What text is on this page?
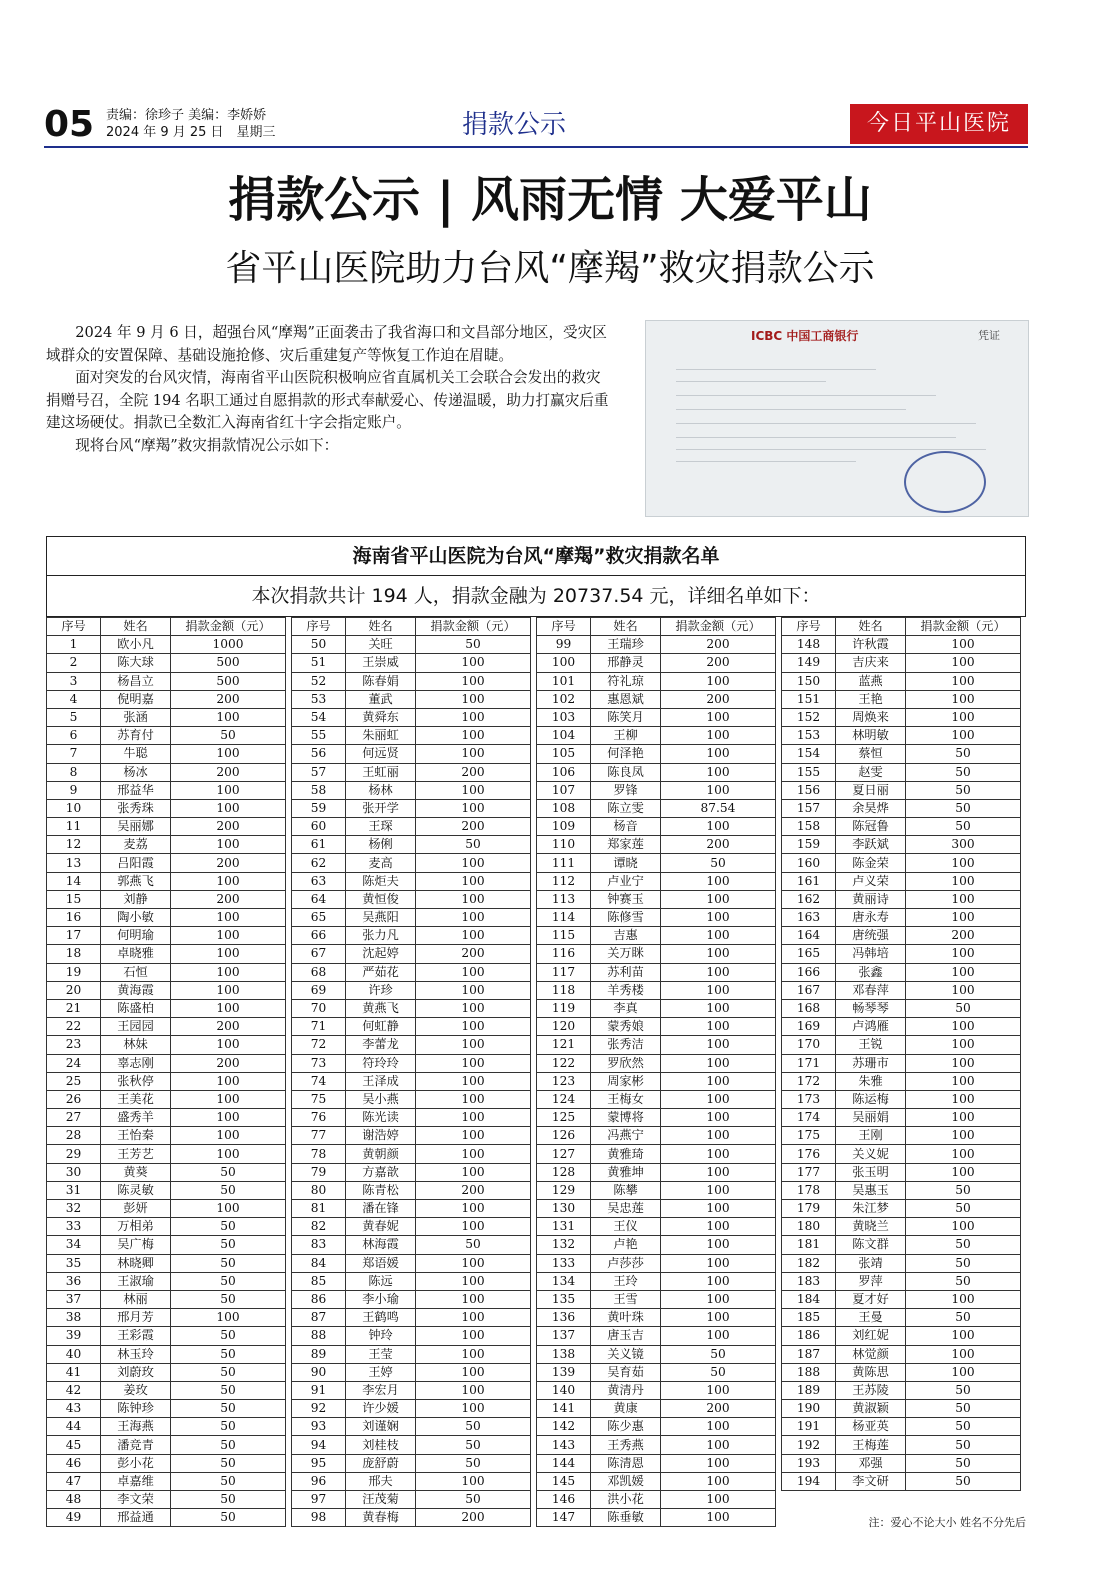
05 责编：徐珍子 美编：李娇娇
2024 年 9 月 25 日　星期三	捐款公示	今日平山医院
捐款公示 | 风雨无情 大爱平山
省平山医院助力台风“摩羯”救灾捐款公示

2024 年 9 月 6 日，超强台风“摩羯”正面袭击了我省海口和文昌部分地区，受灾区域群众的安置保障、基础设施抢修、灾后重建复产等恢复工作迫在眉睫。

面对突发的台风灾情，海南省平山医院积极响应省直属机关工会联合会发出的救灾捐赠号召，全院 194 名职工通过自愿捐款的形式奉献爱心、传递温暖，助力打赢灾后重建这场硬仗。捐款已全数汇入海南省红十字会指定账户。

现将台风“摩羯”救灾捐款情况公示如下：

ICBC 中国工商银行	凭证
海南省平山医院为台风“摩羯”救灾捐款名单
本次捐款共计 194 人，捐款金融为 20737.54 元，详细名单如下：
序号	姓名	捐款金额（元）
1	欧小凡	1000
2	陈大球	500
3	杨昌立	500
4	倪明嘉	200
5	张涵	100
6	苏育付	50
7	牛聪	100
8	杨冰	200
9	邢益华	100
10	张秀珠	100
11	吴丽娜	200
12	麦荔	100
13	吕阳霞	200
14	郭燕飞	100
15	刘静	200
16	陶小敏	100
17	何明瑜	100
18	卓晓雅	100
19	石恒	100
20	黄海霞	100
21	陈盛柏	100
22	王园园	200
23	林妹	100
24	辜志刚	200
25	张秋停	100
26	王美花	100
27	盛秀羊	100
28	王怡秦	100
29	王芳艺	100
30	黄葵	50
31	陈灵敏	50
32	彭妍	100
33	万相弟	50
34	吴广梅	50
35	林晓卿	50
36	王淑瑜	50
37	林丽	50
38	邢月芳	100
39	王彩霞	50
40	林玉玲	50
41	刘蔚玫	50
42	姜玫	50
43	陈钟珍	50
44	王海燕	50
45	潘竞青	50
46	彭小花	50
47	卓嘉维	50
48	李文荣	50
49	邢益通	50
序号	姓名	捐款金额（元）
50	关旺	50
51	王崇威	100
52	陈春娟	100
53	董武	100
54	黄舜东	100
55	朱丽虹	100
56	何远贤	100
57	王虹丽	200
58	杨林	100
59	张开学	100
60	王琛	200
61	杨俐	50
62	麦高	100
63	陈炬夫	100
64	黄恒俊	100
65	吴燕阳	100
66	张力凡	100
67	沈起婷	200
68	严茹花	100
69	许珍	100
70	黄燕飞	100
71	何虹静	100
72	李蕾龙	100
73	符玲玲	100
74	王泽成	100
75	吴小燕	100
76	陈光读	100
77	谢浩婷	100
78	黄朝颜	100
79	方嘉歆	100
80	陈青松	200
81	潘在锋	100
82	黄春妮	100
83	林海霞	50
84	郑语媛	100
85	陈远	100
86	李小瑜	100
87	王鹤鸣	100
88	钟玲	100
89	王莹	100
90	王婷	100
91	李宏月	100
92	许少媛	100
93	刘谨娴	50
94	刘桂枝	50
95	庞舒蔚	50
96	邢夫	100
97	汪茂菊	50
98	黄春梅	200
序号	姓名	捐款金额（元）
99	王瑞珍	200
100	邢静灵	200
101	符礼琼	100
102	惠恩斌	200
103	陈笑月	100
104	王柳	100
105	何泽艳	100
106	陈良凤	100
107	罗锋	100
108	陈立雯	87.54
109	杨音	100
110	郑家莲	200
111	谭晓	50
112	卢业宁	100
113	钟赛玉	100
114	陈修雪	100
115	吉惠	100
116	关万眯	100
117	苏利苗	100
118	羊秀楼	100
119	李真	100
120	蒙秀娘	100
121	张秀洁	100
122	罗欣然	100
123	周家彬	100
124	王梅女	100
125	蒙博将	100
126	冯燕宁	100
127	黄雅琦	100
128	黄雅坤	100
129	陈攀	100
130	吴忠莲	100
131	王仪	100
132	卢艳	100
133	卢莎莎	100
134	王玲	100
135	王雪	100
136	黄叶珠	100
137	唐玉吉	100
138	关义镜	50
139	吴育茹	50
140	黄清丹	100
141	黄康	200
142	陈少惠	100
143	王秀燕	100
144	陈清恩	100
145	邓凯媛	100
146	洪小花	100
147	陈垂敏	100
序号	姓名	捐款金额（元）
148	许秋霞	100
149	吉庆来	100
150	蓝燕	100
151	王艳	100
152	周焕来	100
153	林明敏	100
154	蔡恒	50
155	赵雯	50
156	夏日丽	50
157	余昊烨	50
158	陈冠鲁	50
159	李跃斌	300
160	陈金荣	100
161	卢义荣	100
162	黄丽诗	100
163	唐永寿	100
164	唐统强	200
165	冯韩培	100
166	张鑫	100
167	邓春萍	100
168	畅琴琴	50
169	卢鸿雁	100
170	王锐	100
171	苏珊市	100
172	朱雅	100
173	陈运梅	100
174	吴丽娟	100
175	王刚	100
176	关义妮	100
177	张玉明	100
178	吴惠玉	50
179	朱江梦	50
180	黄晓兰	100
181	陈文群	50
182	张靖	50
183	罗萍	50
184	夏才好	100
185	王曼	50
186	刘红妮	100
187	林觉颜	100
188	黄陈思	100
189	王苏陵	50
190	黄淑颖	50
191	杨亚英	50
192	王梅莲	50
193	邓强	50
194	李文研	50
注：爱心不论大小 姓名不分先后
